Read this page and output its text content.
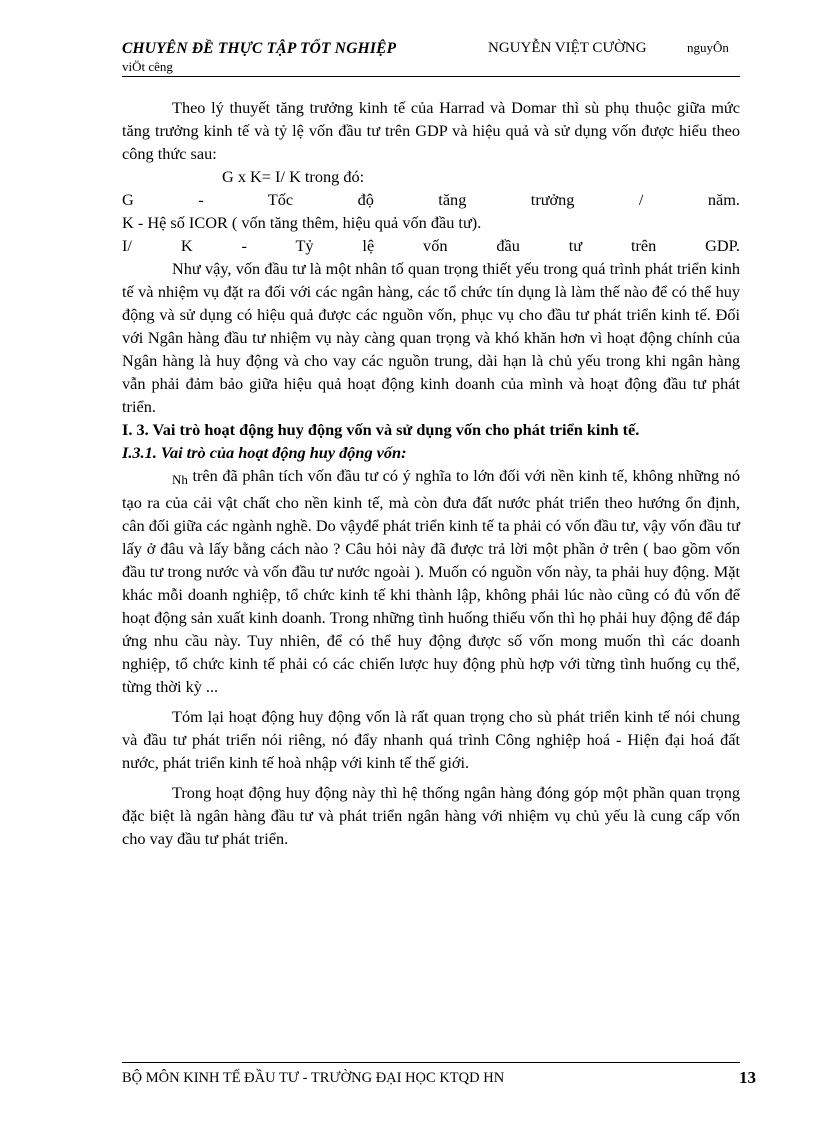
CHUYÊN ĐỀ THỰC TẬP TỐT NGHIỆP	NGUYỄN VIỆT CƯỜNG	nguyÔn
viÖt cêng

Theo lý thuyết tăng trưởng kinh tế của Harrad và Domar thì sù phụ thuộc giữa mức tăng trưởng kinh tế và tỷ lệ vốn đầu tư trên GDP và hiệu quả và sử dụng vốn được hiểu theo công thức sau:

G x K= I/ K trong đó:

G - Tốc độ tăng trưởng / năm.

K - Hệ số ICOR ( vốn tăng thêm, hiệu quả vốn đầu tư).

I/ K - Tỷ lệ vốn đầu tư trên GDP.

Như vậy, vốn đầu tư là một nhân tố quan trọng thiết yếu trong quá trình phát triển kinh tế và nhiệm vụ đặt ra đối với các ngân hàng, các tổ chức tín dụng là làm thế nào để có thể huy động và sử dụng có hiệu quả được các nguồn vốn, phục vụ cho đầu tư phát triển kinh tế. Đối với Ngân hàng đầu tư nhiệm vụ này càng quan trọng và khó khăn hơn vì hoạt động chính của Ngân hàng là huy động và cho vay các nguồn trung, dài hạn là chủ yếu trong khi ngân hàng vẫn phải đảm bảo giữa hiệu quả hoạt động kinh doanh của mình và hoạt động đầu tư phát triển.

I. 3. Vai trò hoạt động huy động vốn và sử dụng vốn cho phát triển kinh tế.

I.3.1. Vai trò của hoạt động huy động vốn:

Nh trên đã phân tích vốn đầu tư có ý nghĩa to lớn đối với nền kinh tế, không những nó tạo ra của cải vật chất cho nền kinh tế, mà còn đưa đất nước phát triển theo hướng ổn định, cân đối giữa các ngành nghề. Do vậyđể phát triển kinh tế ta phải có vốn đầu tư, vậy vốn đầu tư lấy ở đâu và lấy bằng cách nào ? Câu hỏi này đã được trả lời một phần ở trên ( bao gồm vốn đầu tư trong nước và vốn đầu tư nước ngoài ). Muốn có nguồn vốn này, ta phải huy động. Mặt khác mỗi doanh nghiệp, tổ chức kinh tế khi thành lập, không phải lúc nào cũng có đủ vốn để hoạt động sản xuất kinh doanh. Trong những tình huống thiếu vốn thì họ phải huy động để đáp ứng nhu cầu này. Tuy nhiên, để có thể huy động được số vốn mong muốn thì các doanh nghiệp, tổ chức kinh tế phải có các chiến lược huy động phù hợp với từng tình huống cụ thể, từng thời kỳ ...

Tóm lại hoạt động huy động vốn là rất quan trọng cho sù phát triển kinh tế nói chung và đầu tư phát triển nói riêng, nó đẩy nhanh quá trình Công nghiệp hoá - Hiện đại hoá đất nước, phát triển kinh tế hoà nhập với kinh tế thế giới.

Trong hoạt động huy động này thì hệ thống ngân hàng đóng góp một phần quan trọng đặc biệt là ngân hàng đầu tư và phát triển ngân hàng với nhiệm vụ chủ yếu là cung cấp vốn cho vay đầu tư phát triển.

BỘ MÔN KINH TẾ ĐẦU TƯ - TRƯỜNG ĐẠI HỌC KTQD HN	13
